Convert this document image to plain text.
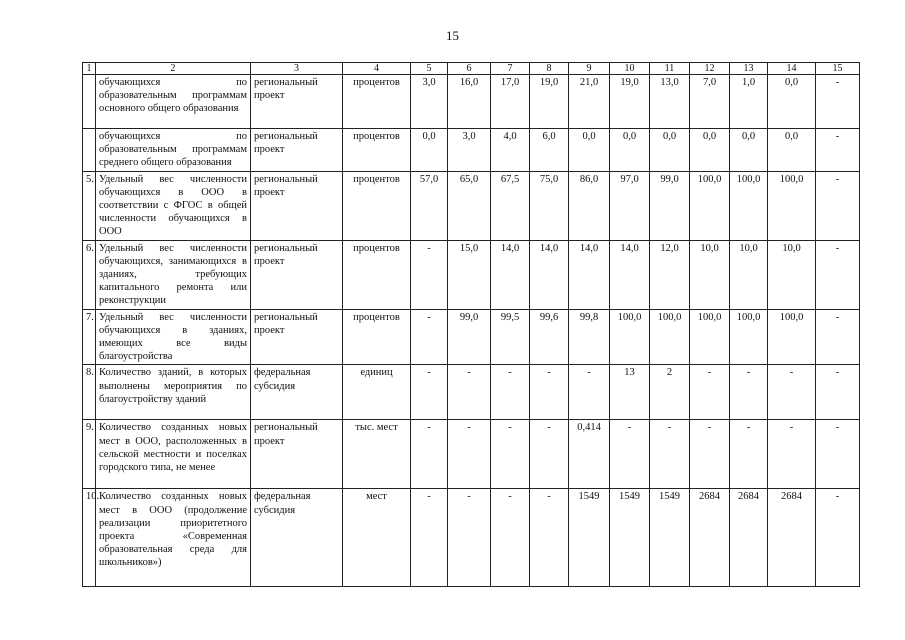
15
1	2	3	4	5	6	7	8	9	10	11	12	13	14	15
	обучающихся по образовательным программам основного общего образования	региональный проект	процентов	3,0	16,0	17,0	19,0	21,0	19,0	13,0	7,0	1,0	0,0	-
	обучающихся по образовательным программам среднего общего образования	региональный проект	процентов	0,0	3,0	4,0	6,0	0,0	0,0	0,0	0,0	0,0	0,0	-
5.	Удельный вес численности обучающихся в ООО в соответствии с ФГОС в общей численности обучающихся в ООО	региональный проект	процентов	57,0	65,0	67,5	75,0	86,0	97,0	99,0	100,0	100,0	100,0	-
6.	Удельный вес численности обучающихся, занимающихся в зданиях, требующих капитального ремонта или реконструкции	региональный проект	процентов	-	15,0	14,0	14,0	14,0	14,0	12,0	10,0	10,0	10,0	-
7.	Удельный вес численности обучающихся в зданиях, имеющих все виды благоустройства	региональный проект	процентов	-	99,0	99,5	99,6	99,8	100,0	100,0	100,0	100,0	100,0	-
8.	Количество зданий, в которых выполнены мероприятия по благоустройству зданий	федеральная субсидия	единиц	-	-	-	-	-	13	2	-	-	-	-
9.	Количество созданных новых мест в ООО, расположенных в сельской местности и поселках городского типа, не менее	региональный проект	тыс. мест	-	-	-	-	0,414	-	-	-	-	-	-
10.	Количество созданных новых мест в ООО (продолжение реализации приоритетного проекта «Современная образовательная среда для школьников»)	федеральная субсидия	мест	-	-	-	-	1549	1549	1549	2684	2684	2684	-
